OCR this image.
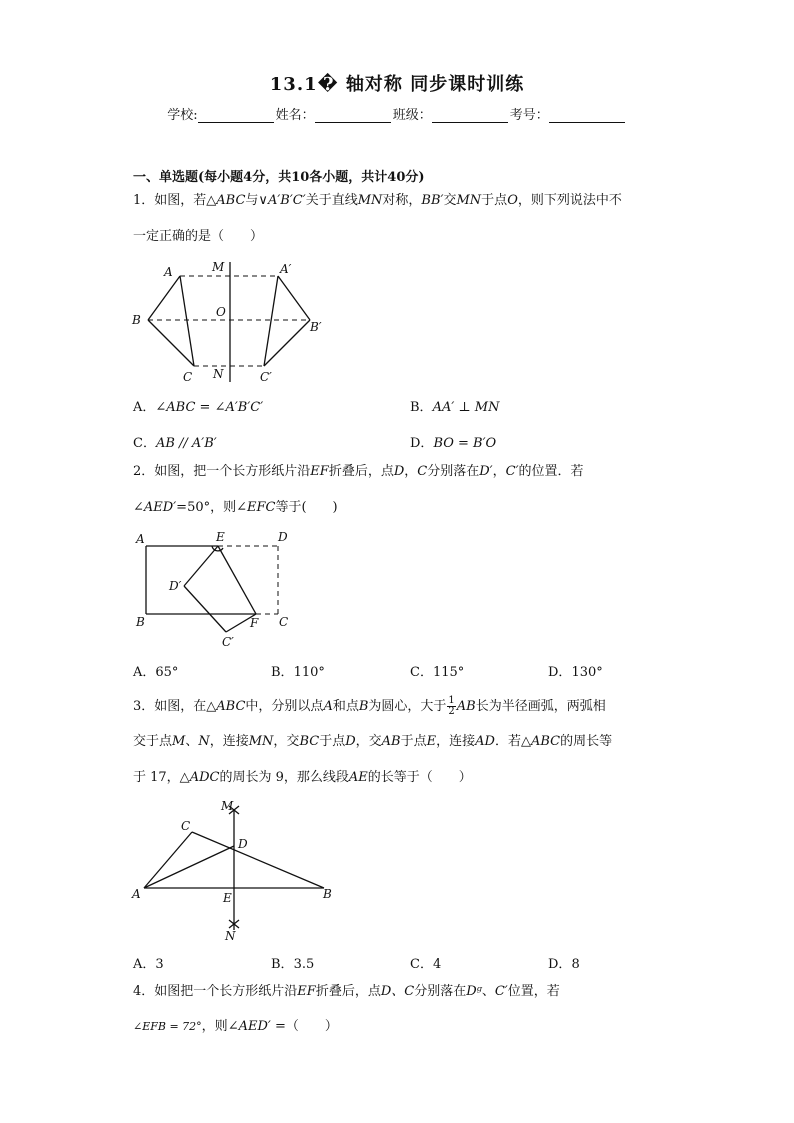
13.1� 轴对称 同步课时训练
学校:	姓名：	班级：	考号：
一、单选题(每小题4分，共10各小题，共计40分)
1．如图，若△ABC与∨A′B′C′关于直线MN对称，BB′交MN于点O，则下列说法中不
一定正确的是（　　）
A	M	A′
B
O
B′
C N	C′
A．∠ABC = ∠A′B′C′	B．AA′ ⊥ MN
C．AB // A′B′	D．BO = B′O
2．如图，把一个长方形纸片沿EF折叠后，点D，C分别落在D′，C′的位置．若
∠AED′=50°，则∠EFC等于(　　)
A	E	D
D′
B	F C
C′
A．65°	B．110°	C．115°	D．130°
3．如图，在△ABC中，分别以点A和点B为圆心，大于 $\frac{1}{2}$ AB长为半径画弧，两弧相
交于点M、N，连接MN，交BC于点D，交AB于点E，连接AD．若△ABC的周长等
于 17，△ADC的周长为 9，那么线段AE的长等于（　　）
M
C
D
A	E	B
N
A．3	B．3.5	C．4	D．8
4．如图把一个长方形纸片沿EF折叠后，点D、C分别落在Dᵍ、C′位置，若
∠EFB = 72°，则∠AED′ =（　　）
